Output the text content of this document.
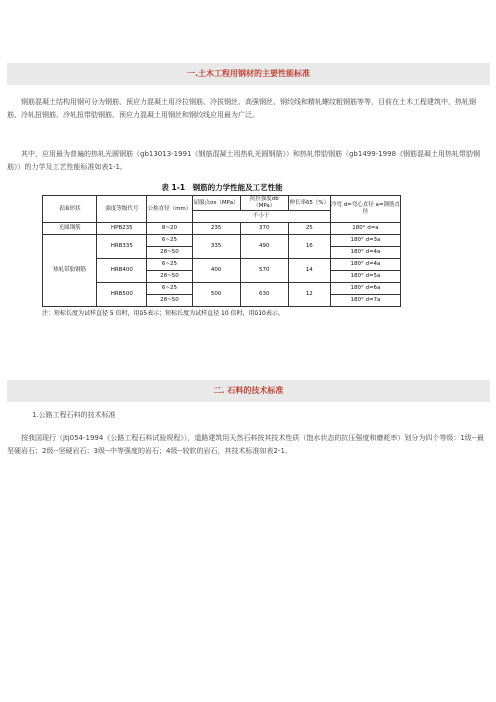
一.土木工程用钢材的主要性能标准
钢筋混凝土结构用钢可分为钢筋、预应力混凝土用冷拉钢筋、冷拔钢丝、高强钢丝、钢绞线和精轧螺纹粗钢筋等等，目前在土木工程建筑中，热轧钢筋、冷轧扭钢筋、冷轧扭带肋钢筋、预应力混凝土用钢丝和钢绞线应用最为广泛。
其中，应用最为普遍的热轧光圆钢筋（gb13013-1991《钢筋混凝土用热轧光圆钢筋》）和热轧带肋钢筋（gb1499-1998《钢筋混凝土用热轧带肋钢筋》）的力学及工艺性能标准如表1-1。
表 1-1　钢筋的力学性能及工艺性能
表面形状	强度等级代号	公称直径（mm）	屈服点σs（MPa）	抗拉强度σb（MPa）	伸长率δ5（%）	冷弯 d=弯心直径 a=钢筋直径
			不小于			
光圆钢筋	HPB235	8~20	235	370	25	180° d=a
热轧带肋钢筋	HRB335	6~25	335	490	16	180° d=3a
		28~50				180° d=4a
	HRB400	6~25	400	570	14	180° d=4a
		28~50				180° d=5a
	HRB500	6~25	500	630	12	180° d=6a
		28~50				180° d=7a
注：短标长度为试样直径 5 倍时，用δ5表示；短标长度为试样直径 10 倍时，用δ10表示。
二. 石料的技术标准
1.公路工程石料的技术标准
按我国现行（jtj054-1994《公路工程石料试验规程》），道路建筑用天然石料按其技术性质（饱水状态的抗压强度和磨耗率）划分为四个等级：1级--最坚硬岩石；2级--坚硬岩石；3级--中等强度的岩石；4级--较软的岩石，其技术标准如表2-1。
